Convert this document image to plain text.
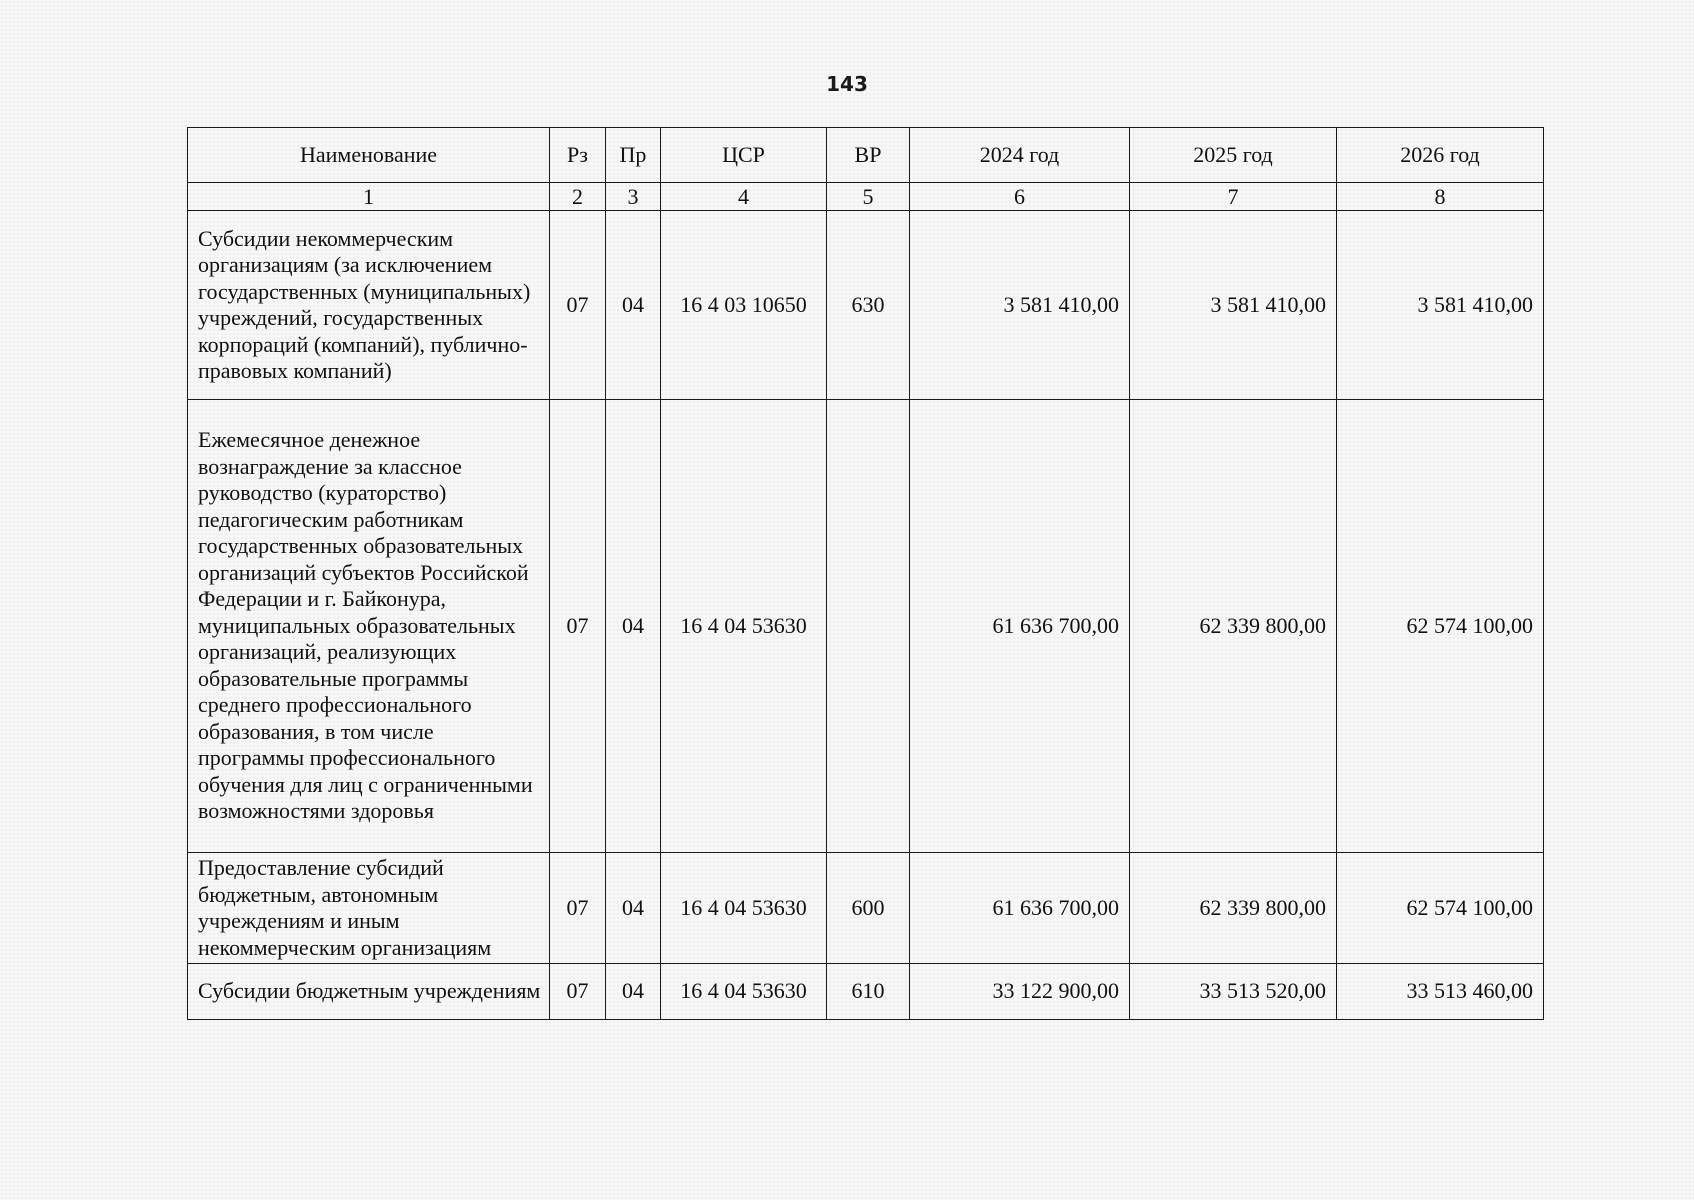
143
Наименование	Рз	Пр	ЦСР	ВР	2024 год	2025 год	2026 год
1	2	3	4	5	6	7	8
Субсидии некоммерческим организациям (за исключением государственных (муниципальных) учреждений, государственных корпораций (компаний), публично-правовых компаний)	07	04	16 4 03 10650	630	3 581 410,00	3 581 410,00	3 581 410,00
Ежемесячное денежное вознаграждение за классное руководство (кураторство) педагогическим работникам государственных образовательных организаций субъектов Российской Федерации и г. Байконура, муниципальных образовательных организаций, реализующих образовательные программы среднего профессионального образования, в том числе программы профессионального обучения для лиц с ограниченными возможностями здоровья	07	04	16 4 04 53630		61 636 700,00	62 339 800,00	62 574 100,00
Предоставление субсидий бюджетным, автономным учреждениям и иным некоммерческим организациям	07	04	16 4 04 53630	600	61 636 700,00	62 339 800,00	62 574 100,00
Субсидии бюджетным учреждениям	07	04	16 4 04 53630	610	33 122 900,00	33 513 520,00	33 513 460,00
